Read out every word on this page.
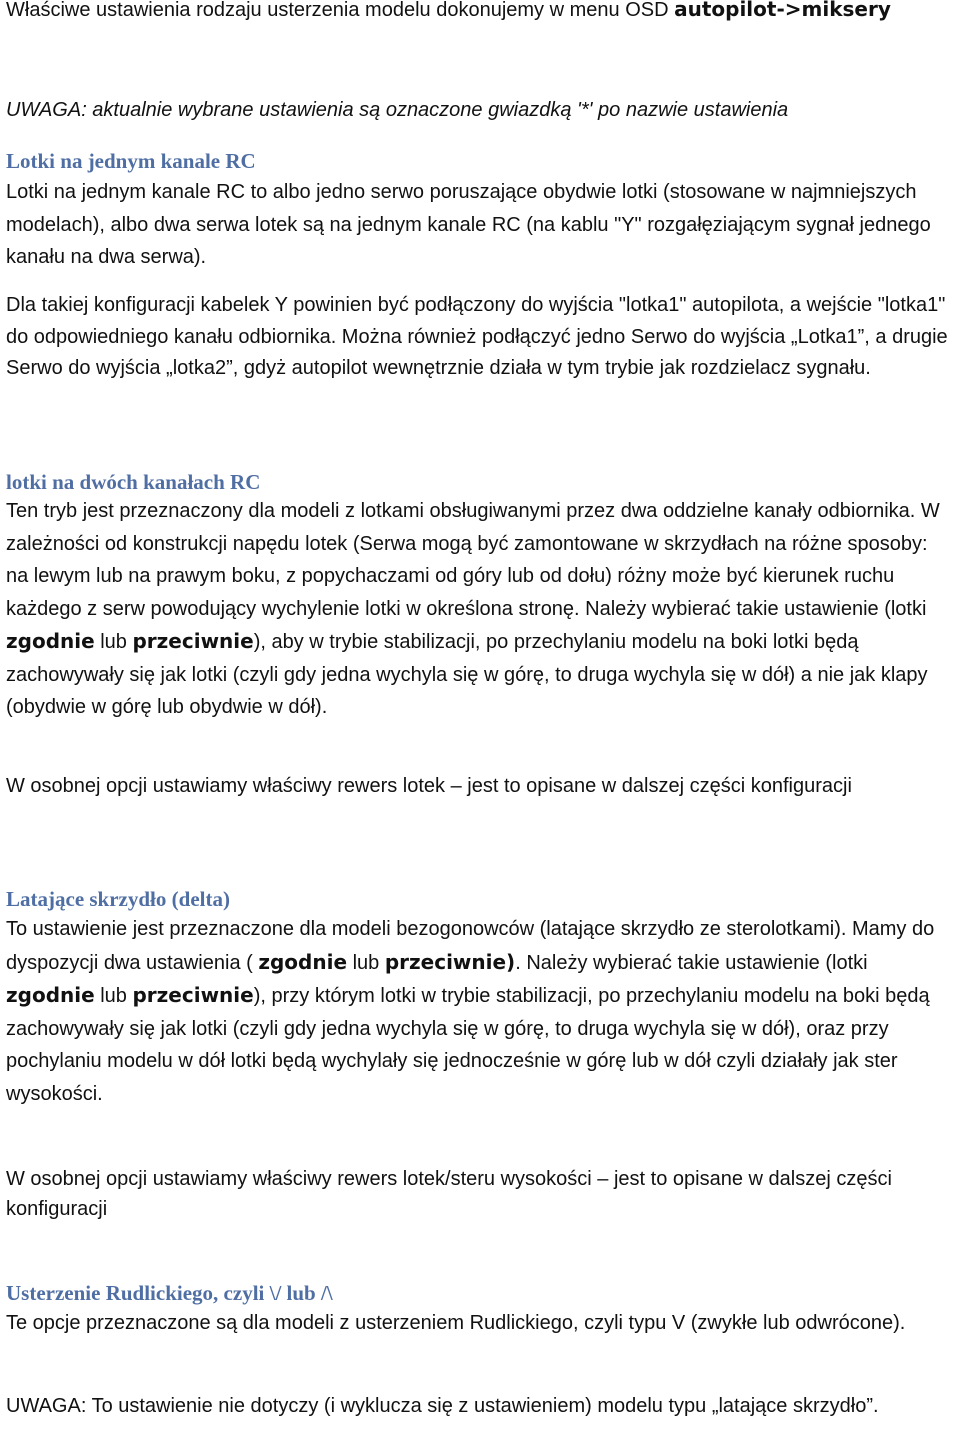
Właściwe ustawienia rodzaju usterzenia modelu dokonujemy w menu OSD autopilot->miksery

UWAGA: aktualnie wybrane ustawienia są oznaczone gwiazdką '*' po nazwie ustawienia

Lotki na jednym kanale RC

Lotki na jednym kanale RC to albo jedno serwo poruszające obydwie lotki (stosowane w najmniejszych modelach), albo dwa serwa lotek są na jednym kanale RC (na kablu "Y" rozgałęziającym sygnał jednego kanału na dwa serwa).

Dla takiej konfiguracji kabelek Y powinien być podłączony do wyjścia "lotka1" autopilota, a wejście "lotka1" do odpowiedniego kanału odbiornika. Można również podłączyć jedno Serwo do wyjścia „Lotka1”, a drugie Serwo do wyjścia „lotka2”, gdyż autopilot wewnętrznie działa w tym trybie jak rozdzielacz sygnału.

lotki na dwóch kanałach RC

Ten tryb jest przeznaczony dla modeli z lotkami obsługiwanymi przez dwa oddzielne kanały odbiornika. W zależności od konstrukcji napędu lotek (Serwa mogą być zamontowane w skrzydłach na różne sposoby: na lewym lub na prawym boku, z popychaczami od góry lub od dołu) różny może być kierunek ruchu każdego z serw powodujący wychylenie lotki w określona stronę. Należy wybierać takie ustawienie (lotki zgodnie lub przeciwnie), aby w trybie stabilizacji, po przechylaniu modelu na boki lotki będą zachowywały się jak lotki (czyli gdy jedna wychyla się w górę, to druga wychyla się w dół) a nie jak klapy (obydwie w górę lub obydwie w dół).

W osobnej opcji ustawiamy właściwy rewers lotek – jest to opisane w dalszej części konfiguracji

Latające skrzydło (delta)

To ustawienie jest przeznaczone dla modeli bezogonowców (latające skrzydło ze sterolotkami). Mamy do dyspozycji dwa ustawienia ( zgodnie lub przeciwnie). Należy wybierać takie ustawienie (lotki zgodnie lub przeciwnie), przy którym lotki w trybie stabilizacji, po przechylaniu modelu na boki będą zachowywały się jak lotki (czyli gdy jedna wychyla się w górę, to druga wychyla się w dół), oraz przy pochylaniu modelu w dół lotki będą wychylały się jednocześnie w górę lub w dół czyli działały jak ster wysokości.

W osobnej opcji ustawiamy właściwy rewers lotek/steru wysokości – jest to opisane w dalszej części konfiguracji

Usterzenie Rudlickiego, czyli \/ lub /\

Te opcje przeznaczone są dla modeli z usterzeniem Rudlickiego, czyli typu V (zwykłe lub odwrócone).

UWAGA: To ustawienie nie dotyczy (i wyklucza się z ustawieniem) modelu typu „latające skrzydło”.
